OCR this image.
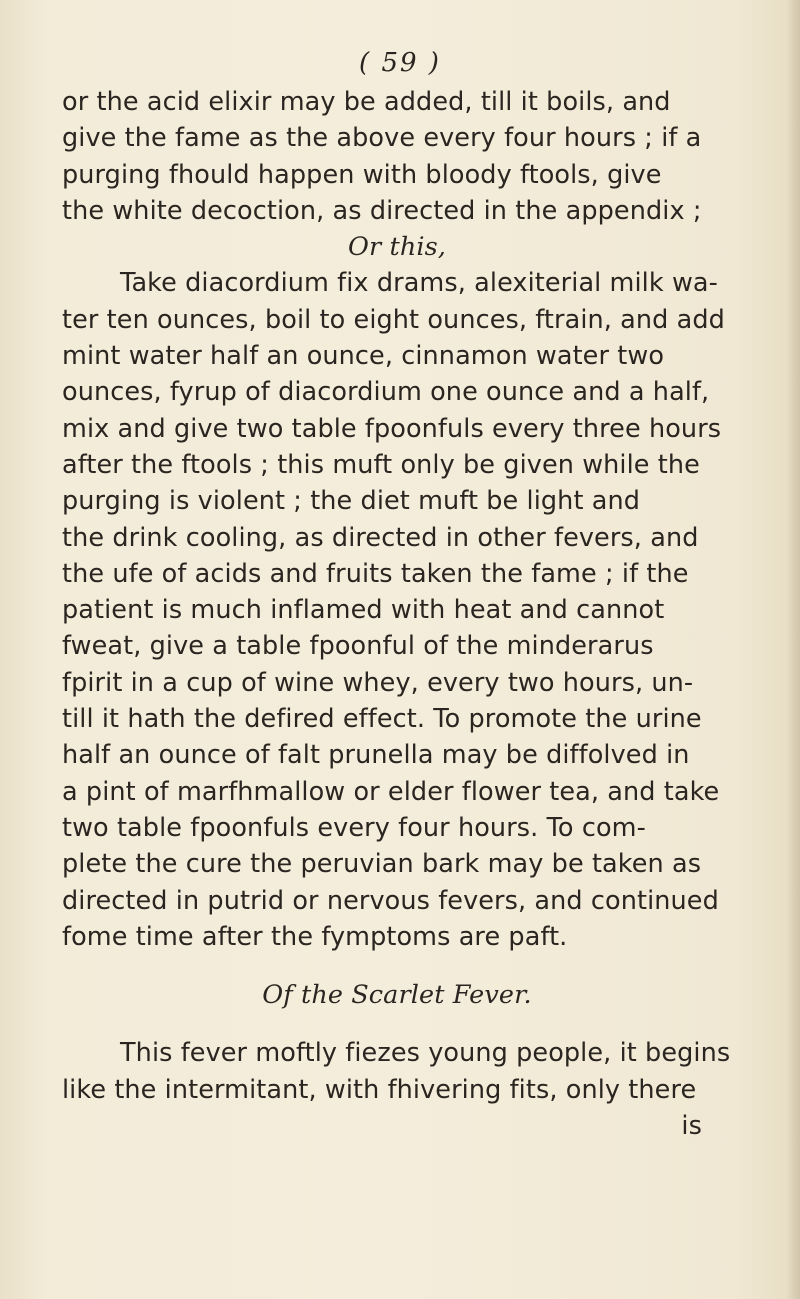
( 59 )
or the acid elixir may be added, till it boils, and
give the fame as the above every four hours ; if a
purging fhould happen with bloody ftools, give
the white decoction, as directed in the appendix ;
Or this,
Take diacordium fix drams, alexiterial milk wa-
ter ten ounces, boil to eight ounces, ftrain, and add
mint water half an ounce, cinnamon water two
ounces, fyrup of diacordium one ounce and a half,
mix and give two table fpoonfuls every three hours
after the ftools ; this muft only be given while the
purging is violent ; the diet muft be light and
the drink cooling, as directed in other fevers, and
the ufe of acids and fruits taken the fame ; if the
patient is much inflamed with heat and cannot
fweat, give a table fpoonful of the minderarus
fpirit in a cup of wine whey, every two hours, un-
till it hath the defired effect. To promote the urine
half an ounce of falt prunella may be diffolved in
a pint of marfhmallow or elder flower tea, and take
two table fpoonfuls every four hours. To com-
plete the cure the peruvian bark may be taken as
directed in putrid or nervous fevers, and continued
fome time after the fymptoms are paft.
Of the Scarlet Fever.
This fever moftly fiezes young people, it begins
like the intermitant, with fhivering fits, only there
is
